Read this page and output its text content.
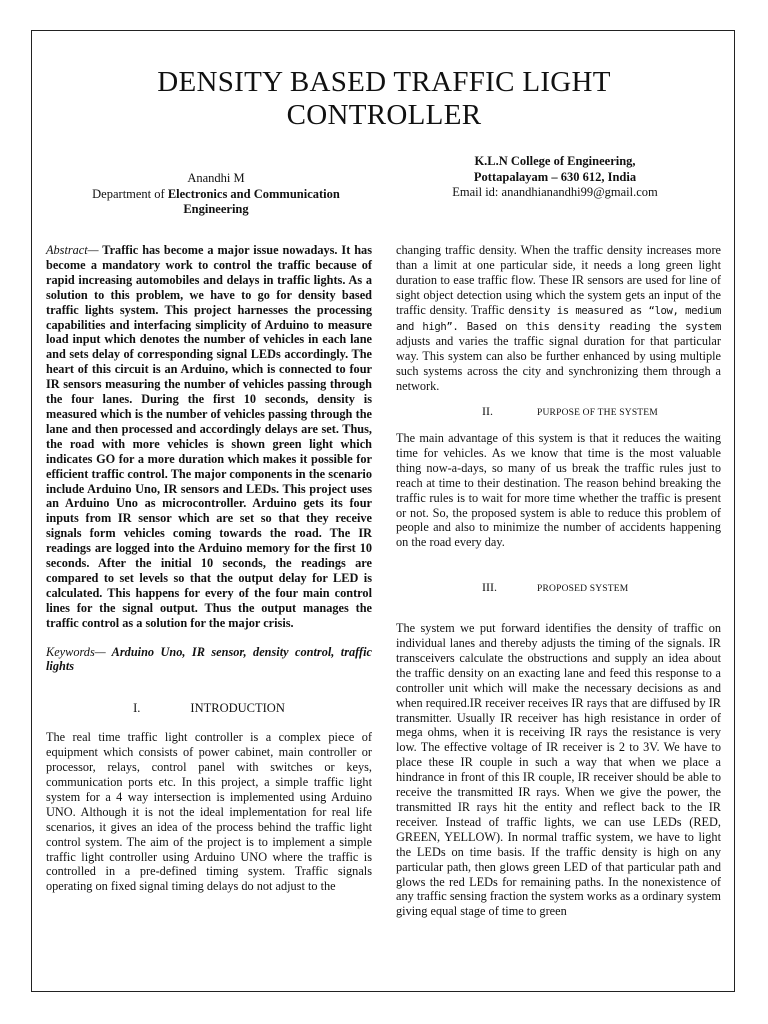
DENSITY BASED TRAFFIC LIGHT CONTROLLER
Anandhi M
Department of Electronics and Communication Engineering
K.L.N College of Engineering,
Pottapalayam – 630 612, India
Email id: anandhianandhi99@gmail.com

Abstract— Traffic has become a major issue nowadays. It has become a mandatory work to control the traffic because of rapid increasing automobiles and delays in traffic lights. As a solution to this problem, we have to go for density based traffic lights system. This project harnesses the processing capabilities and interfacing simplicity of Arduino to measure load input which denotes the number of vehicles in each lane and sets delay of corresponding signal LEDs accordingly. The heart of this circuit is an Arduino, which is connected to four IR sensors measuring the number of vehicles passing through the four lanes. During the first 10 seconds, density is measured which is the number of vehicles passing through the lane and then processed and accordingly delays are set. Thus, the road with more vehicles is shown green light which indicates GO for a more duration which makes it possible for efficient traffic control. The major components in the scenario include Arduino Uno, IR sensors and LEDs. This project uses an Arduino Uno as microcontroller. Arduino gets its four inputs from IR sensor which are set so that they receive signals form vehicles coming towards the road. The IR readings are logged into the Arduino memory for the first 10 seconds. After the initial 10 seconds, the readings are compared to set levels so that the output delay for LED is calculated. This happens for every of the four main control lines for the signal output. Thus the output manages the traffic control as a solution for the major crisis.

Keywords— Arduino Uno, IR sensor, density control, traffic lights

I.	INTRODUCTION

The real time traffic light controller is a complex piece of equipment which consists of power cabinet, main controller or processor, relays, control panel with switches or keys, communication ports etc. In this project, a simple traffic light system for a 4 way intersection is implemented using Arduino UNO. Although it is not the ideal implementation for real life scenarios, it gives an idea of the process behind the traffic light control system. The aim of the project is to implement a simple traffic light controller using Arduino UNO where the traffic is controlled in a pre-defined timing system. Traffic signals operating on fixed signal timing delays do not adjust to the

changing traffic density. When the traffic density increases more than a limit at one particular side, it needs a long green light duration to ease traffic flow. These IR sensors are used for line of sight object detection using which the system gets an input of the traffic density. Traffic density is measured as “low, medium and high”. Based on this density reading the system adjusts and varies the traffic signal duration for that particular way. This system can also be further enhanced by using multiple such systems across the city and synchronizing them through a network.

II.	PURPOSE OF THE SYSTEM

The main advantage of this system is that it reduces the waiting time for vehicles. As we know that time is the most valuable thing now-a-days, so many of us break the traffic rules just to reach at time to their destination. The reason behind breaking the traffic rules is to wait for more time whether the traffic is present or not. So, the proposed system is able to reduce this problem of people and also to minimize the number of accidents happening on the road every day.

III.	PROPOSED SYSTEM

The system we put forward identifies the density of traffic on individual lanes and thereby adjusts the timing of the signals. IR transceivers calculate the obstructions and supply an idea about the traffic density on an exacting lane and feed this response to a controller unit which will make the necessary decisions as and when required.IR receiver receives IR rays that are diffused by IR transmitter. Usually IR receiver has high resistance in order of mega ohms, when it is receiving IR rays the resistance is very low. The effective voltage of IR receiver is 2 to 3V. We have to place these IR couple in such a way that when we place a hindrance in front of this IR couple, IR receiver should be able to receive the transmitted IR rays. When we give the power, the transmitted IR rays hit the entity and reflect back to the IR receiver. Instead of traffic lights, we can use LEDs (RED, GREEN, YELLOW). In normal traffic system, we have to light the LEDs on time basis. If the traffic density is high on any particular path, then glows green LED of that particular path and glows the red LEDs for remaining paths. In the nonexistence of any traffic sensing fraction the system works as a ordinary system giving equal stage of time to green
